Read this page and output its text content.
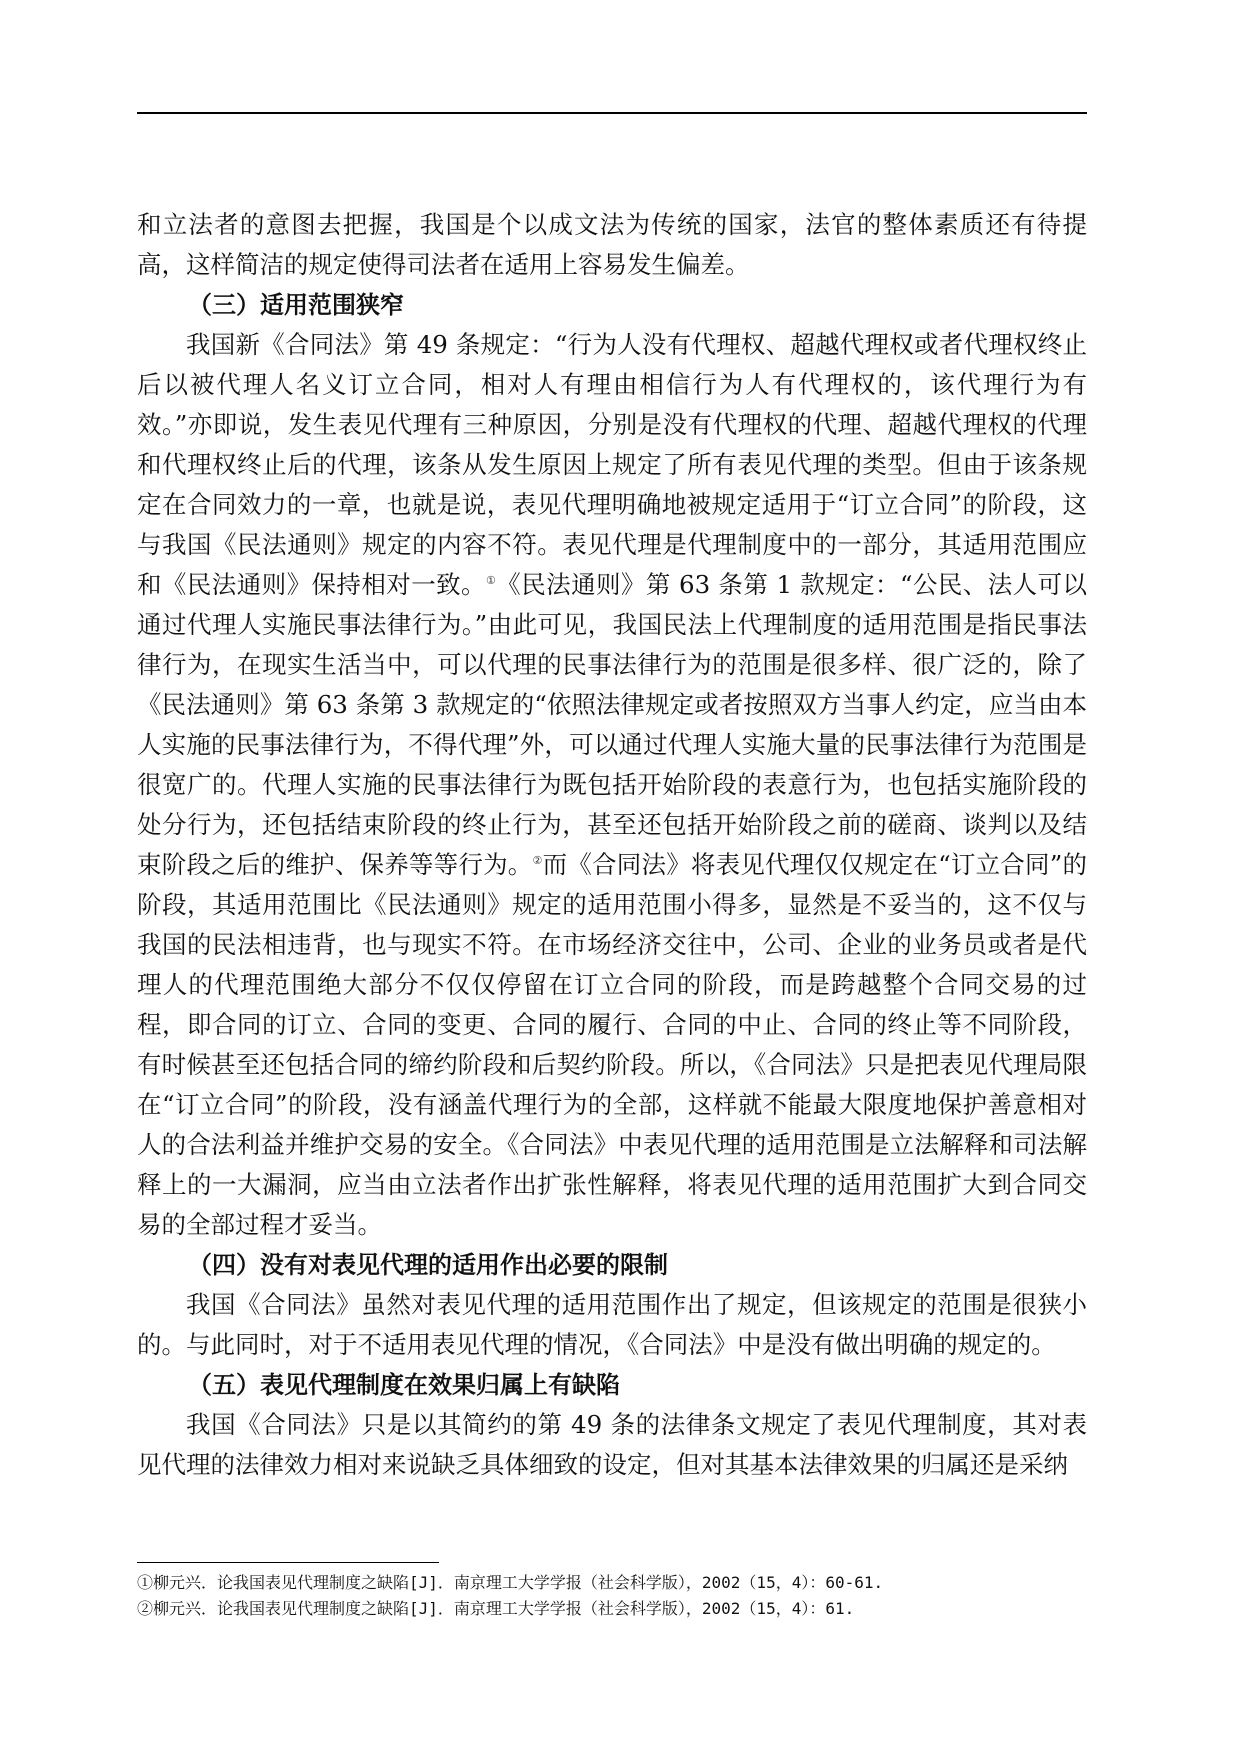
和立法者的意图去把握，我国是个以成文法为传统的国家，法官的整体素质还有待提高，这样简洁的规定使得司法者在适用上容易发生偏差。

（三）适用范围狭窄

我国新《合同法》第 49 条规定：“行为人没有代理权、超越代理权或者代理权终止后以被代理人名义订立合同，相对人有理由相信行为人有代理权的，该代理行为有效。”亦即说，发生表见代理有三种原因，分别是没有代理权的代理、超越代理权的代理和代理权终止后的代理，该条从发生原因上规定了所有表见代理的类型。但由于该条规定在合同效力的一章，也就是说，表见代理明确地被规定适用于“订立合同”的阶段，这与我国《民法通则》规定的内容不符。表见代理是代理制度中的一部分，其适用范围应和《民法通则》保持相对一致。①《民法通则》第 63 条第 1 款规定：“公民、法人可以通过代理人实施民事法律行为。”由此可见，我国民法上代理制度的适用范围是指民事法律行为，在现实生活当中，可以代理的民事法律行为的范围是很多样、很广泛的，除了《民法通则》第 63 条第 3 款规定的“依照法律规定或者按照双方当事人约定，应当由本人实施的民事法律行为，不得代理”外，可以通过代理人实施大量的民事法律行为范围是很宽广的。代理人实施的民事法律行为既包括开始阶段的表意行为，也包括实施阶段的处分行为，还包括结束阶段的终止行为，甚至还包括开始阶段之前的磋商、谈判以及结束阶段之后的维护、保养等等行为。②而《合同法》将表见代理仅仅规定在“订立合同”的阶段，其适用范围比《民法通则》规定的适用范围小得多，显然是不妥当的，这不仅与我国的民法相违背，也与现实不符。在市场经济交往中，公司、企业的业务员或者是代理人的代理范围绝大部分不仅仅停留在订立合同的阶段，而是跨越整个合同交易的过程，即合同的订立、合同的变更、合同的履行、合同的中止、合同的终止等不同阶段，有时候甚至还包括合同的缔约阶段和后契约阶段。所以，《合同法》只是把表见代理局限在“订立合同”的阶段，没有涵盖代理行为的全部，这样就不能最大限度地保护善意相对人的合法利益并维护交易的安全。《合同法》中表见代理的适用范围是立法解释和司法解释上的一大漏洞，应当由立法者作出扩张性解释，将表见代理的适用范围扩大到合同交易的全部过程才妥当。

（四）没有对表见代理的适用作出必要的限制

我国《合同法》虽然对表见代理的适用范围作出了规定，但该规定的范围是很狭小的。与此同时，对于不适用表见代理的情况，《合同法》中是没有做出明确的规定的。

（五）表见代理制度在效果归属上有缺陷

我国《合同法》只是以其简约的第 49 条的法律条文规定了表见代理制度，其对表见代理的法律效力相对来说缺乏具体细致的设定，但对其基本法律效果的归属还是采纳

①柳元兴．论我国表见代理制度之缺陷[J]．南京理工大学学报（社会科学版），2002（15，4）：60-61.

②柳元兴．论我国表见代理制度之缺陷[J]．南京理工大学学报（社会科学版），2002（15，4）：61.
